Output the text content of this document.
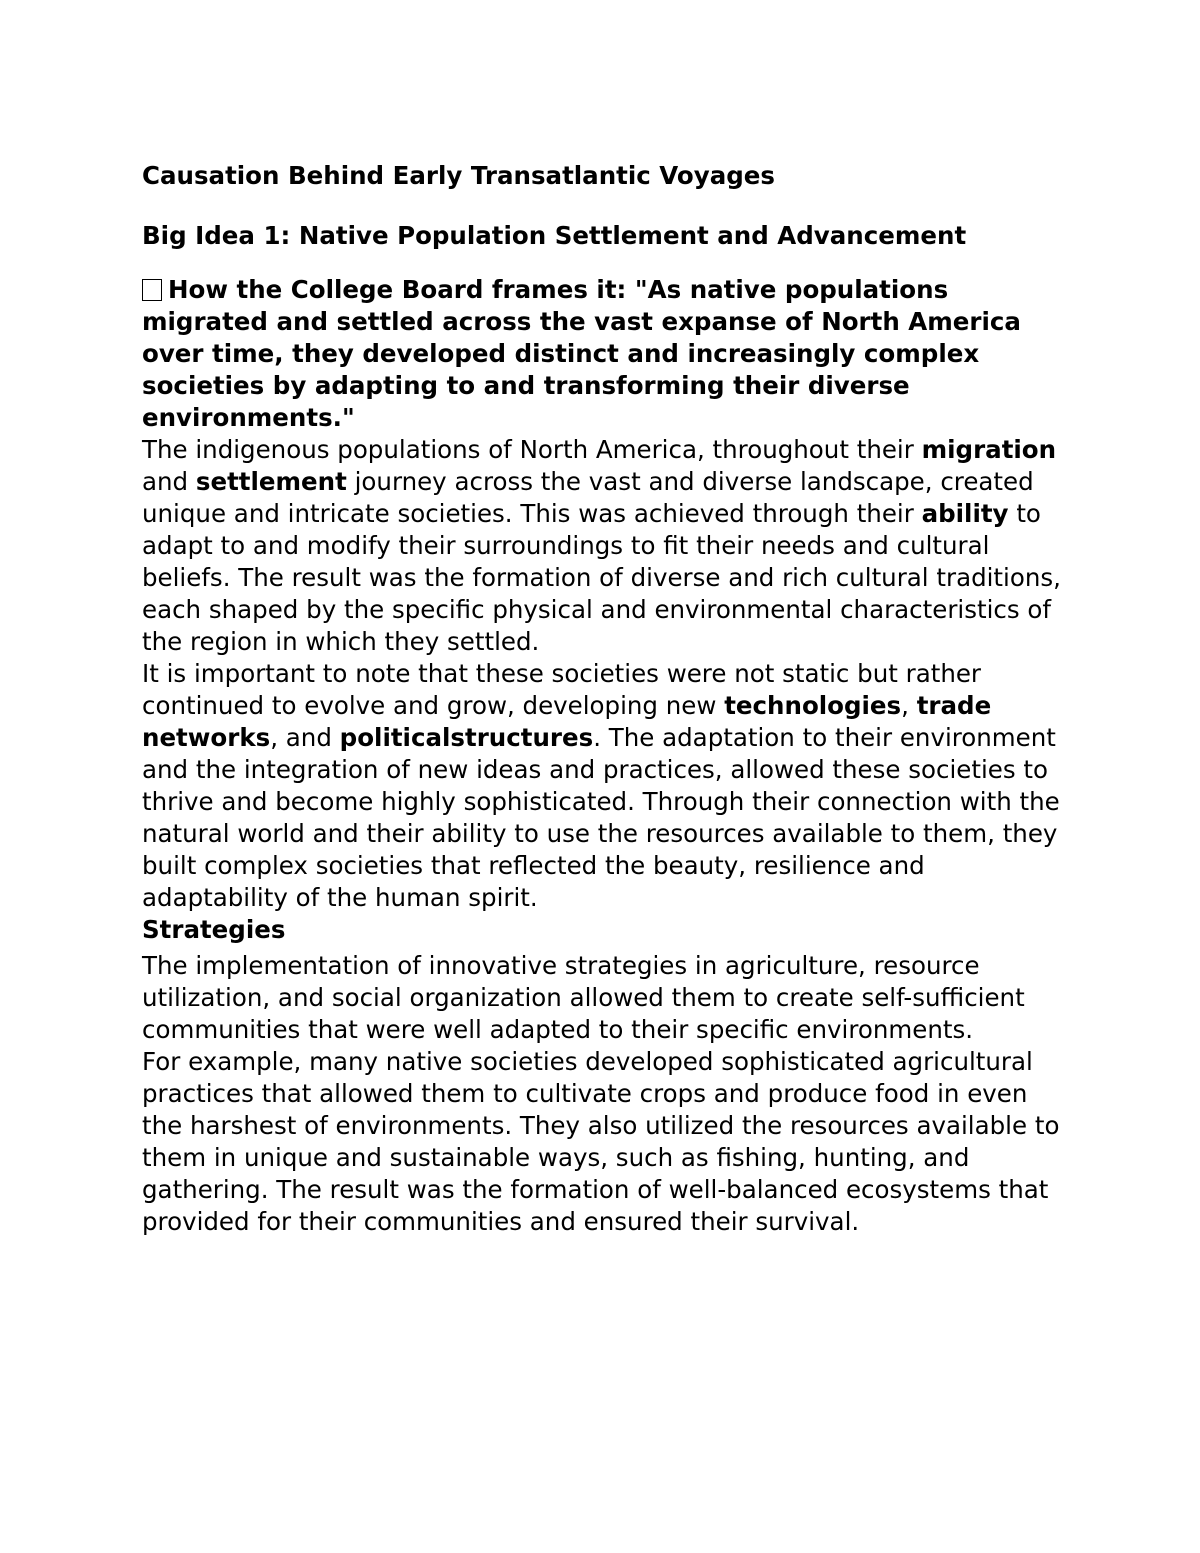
Causation Behind Early Transatlantic Voyages
Big Idea 1: Native Population Settlement and Advancement
How the College Board frames it: "As native populations migrated and settled across the vast expanse of North America over time, they developed distinct and increasingly complex societies by adapting to and transforming their diverse environments."

The indigenous populations of North America, throughout their migration and settlement journey across the vast and diverse landscape, created unique and intricate societies. This was achieved through their ability to adapt to and modify their surroundings to fit their needs and cultural beliefs. The result was the formation of diverse and rich cultural traditions, each shaped by the specific physical and environmental characteristics of the region in which they settled.

It is important to note that these societies were not static but rather continued to evolve and grow, developing new technologies, trade networks, and politicalstructures. The adaptation to their environment and the integration of new ideas and practices, allowed these societies to thrive and become highly sophisticated. Through their connection with the natural world and their ability to use the resources available to them, they built complex societies that reflected the beauty, resilience and adaptability of the human spirit.

Strategies

The implementation of innovative strategies in agriculture, resource utilization, and social organization allowed them to create self-sufficient communities that were well adapted to their specific environments.

For example, many native societies developed sophisticated agricultural practices that allowed them to cultivate crops and produce food in even the harshest of environments. They also utilized the resources available to them in unique and sustainable ways, such as fishing, hunting, and gathering. The result was the formation of well-balanced ecosystems that provided for their communities and ensured their survival.
